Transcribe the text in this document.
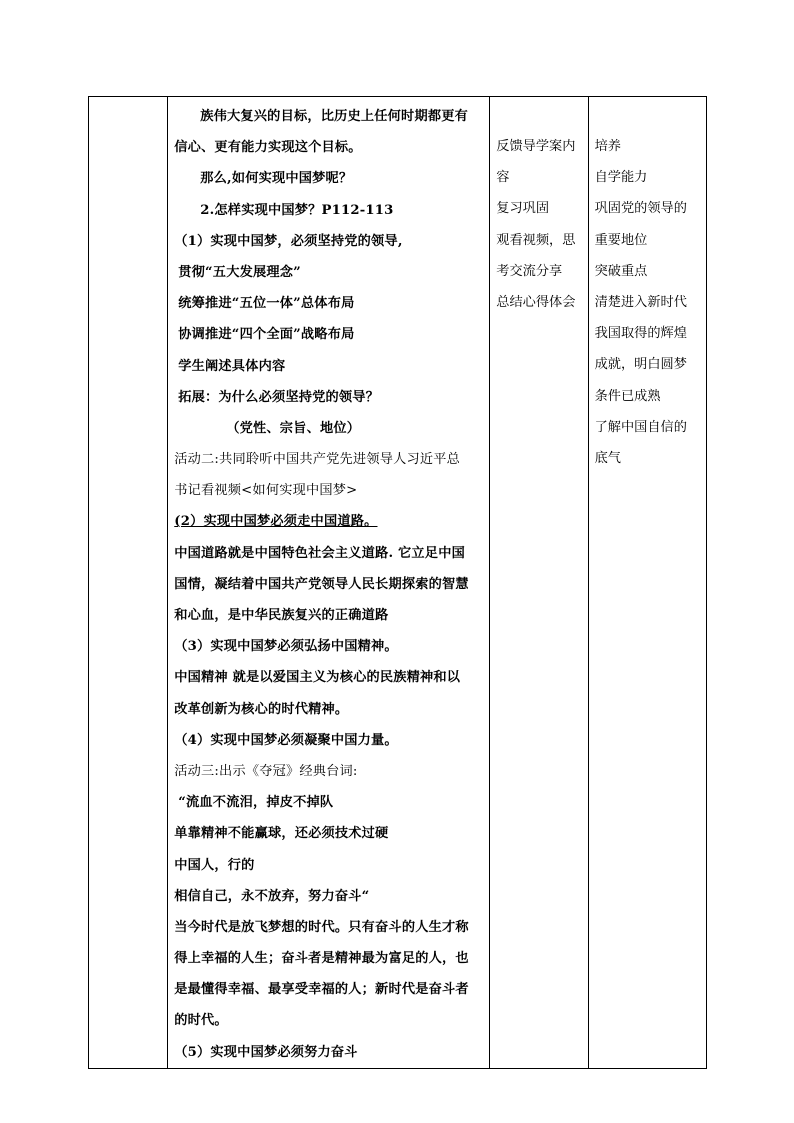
族伟大复兴的目标，比历史上任何时期都更有
信心、更有能力实现这个目标。
那么,如何实现中国梦呢？
2.怎样实现中国梦？P112-113
（1）实现中国梦，必须坚持党的领导,
贯彻“五大发展理念”
统筹推进“五位一体”总体布局
协调推进“四个全面”战略布局
学生阐述具体内容
拓展：为什么必须坚持党的领导？
（党性、宗旨、地位）
活动二:共同聆听中国共产党先进领导人习近平总
书记看视频<如何实现中国梦>
(2）实现中国梦必须走中国道路。
中国道路就是中国特色社会主义道路. 它立足中国
国情，凝结着中国共产党领导人民长期探索的智慧
和心血，是中华民族复兴的正确道路
（3）实现中国梦必须弘扬中国精神。
中国精神 就是以爱国主义为核心的民族精神和以
改革创新为核心的时代精神。
（4）实现中国梦必须凝聚中国力量。
活动三:出示《夺冠》经典台词:
“流血不流泪，掉皮不掉队
单靠精神不能赢球，还必须技术过硬
中国人，行的
相信自己，永不放弃，努力奋斗“
当今时代是放飞梦想的时代。只有奋斗的人生才称
得上幸福的人生；奋斗者是精神最为富足的人，也
是最懂得幸福、最享受幸福的人；新时代是奋斗者
的时代。
（5）实现中国梦必须努力奋斗

反馈导学案内
容
复习巩固
观看视频，思
考交流分享
总结心得体会

培养
自学能力
巩固党的领导的
重要地位
突破重点
清楚进入新时代
我国取得的辉煌
成就，明白圆梦
条件已成熟
了解中国自信的
底气
